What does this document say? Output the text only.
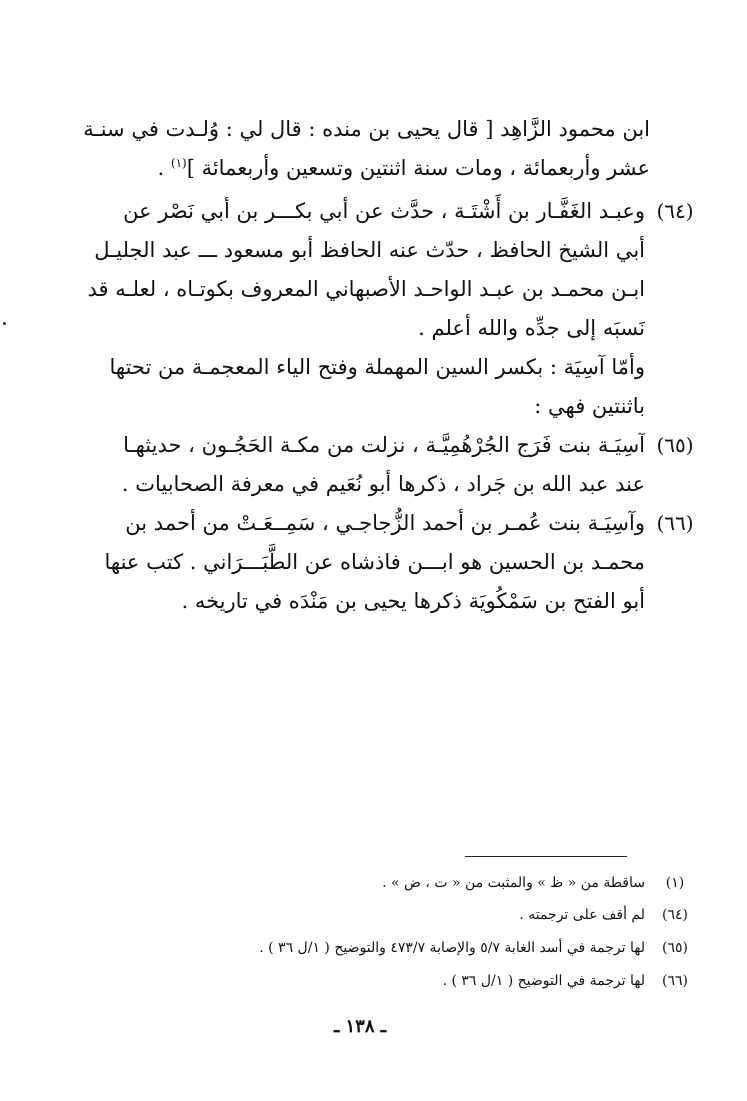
ابن محمود الزَّاهِد [ قال يحيى بن منده : قال لي : وُلـدت في سنـة
عشر وأربعمائة ، ومات سنة اثنتين وتسعين وأربعمائة ]$^{(١)}$ .
(٦٤)
وعبـد الغَفَّـار بن أَشْتَـة ، حدَّث عن أبي بكـــر بن أبي نَصْر عن
أبي الشيخ الحافظ ، حدّث عنه الحافظ أبو مسعود ـــ عبد الجليـل
ابـن محمـد بن عبـد الواحـد الأصبهاني المعروف بكوتـاه ، لعلـه قد
نَسبَه إلى جدِّه والله أعلم .
وأمّا آسِيَة : بكسر السين المهملة وفتح الياء المعجمـة من تحتها
باثنتين فهي :
(٦٥)
آسِيَـة بنت فَرَج الجُرْهُمِيَّـة ، نزلت من مكـة الحَجُـون ، حديثهـا
عند عبد الله بن جَراد ، ذكرها أبو نُعَيم في معرفة الصحابيات .
(٦٦)
وآسِيَـة بنت عُمـر بن أحمد الزُّجاجـي ، سَمِــعَـتْ من أحمد بن
محمـد بن الحسين هو ابـــن فاذشاه عن الطَّبَـــرَاني . كتب عنها
أبو الفتح بن سَمْكُويَة ذكرها يحيى بن مَنْدَه في تاريخه .
(١)
ساقطة من « ظ » والمثبت من « ت ، ض » .
(٦٤)
لم أقف على ترجمته .
(٦٥)
لها ترجمة في أسد الغابة ٥/٧ والإصابة ٤٧٣/٧ والتوضيح ( ١/ل ٣٦ ) .
(٦٦)
لها ترجمة في التوضيح ( ١/ل ٣٦ ) .
ـ ١٣٨ ـ
